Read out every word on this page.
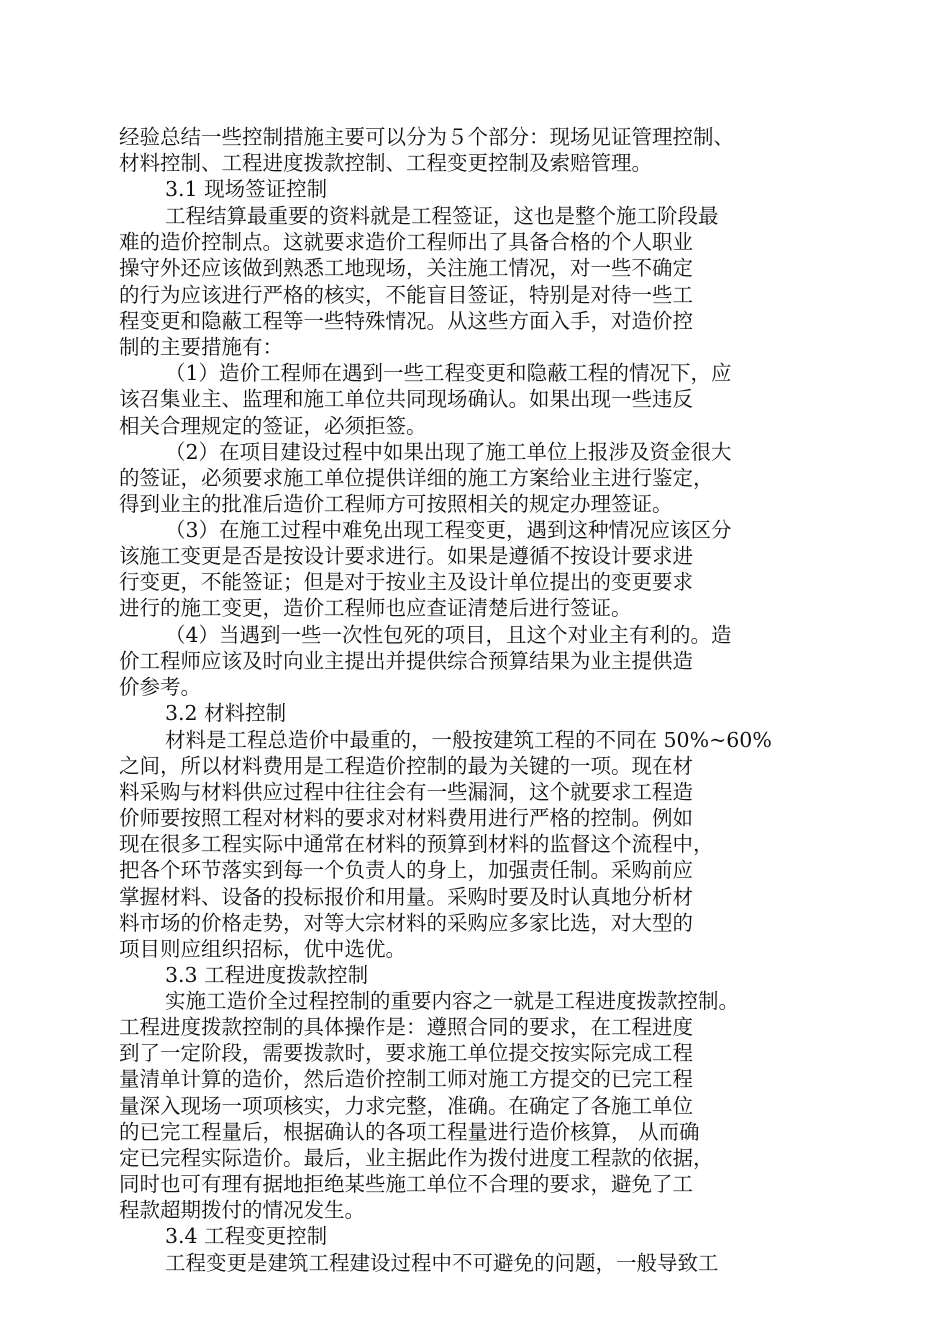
经验总结一些控制措施主要可以分为５个部分：现场见证管理控制、
材料控制、工程进度拨款控制、工程变更控制及索赔管理。
3.1 现场签证控制
工程结算最重要的资料就是工程签证，这也是整个施工阶段最
难的造价控制点。这就要求造价工程师出了具备合格的个人职业
操守外还应该做到熟悉工地现场，关注施工情况，对一些不确定
的行为应该进行严格的核实，不能盲目签证，特别是对待一些工
程变更和隐蔽工程等一些特殊情况。从这些方面入手，对造价控
制的主要措施有：
（1）造价工程师在遇到一些工程变更和隐蔽工程的情况下，应
该召集业主、监理和施工单位共同现场确认。如果出现一些违反
相关合理规定的签证，必须拒签。
（2）在项目建设过程中如果出现了施工单位上报涉及资金很大
的签证，必须要求施工单位提供详细的施工方案给业主进行鉴定，
得到业主的批准后造价工程师方可按照相关的规定办理签证。
（3）在施工过程中难免出现工程变更，遇到这种情况应该区分
该施工变更是否是按设计要求进行。如果是遵循不按设计要求进
行变更，不能签证；但是对于按业主及设计单位提出的变更要求
进行的施工变更，造价工程师也应查证清楚后进行签证。
（4）当遇到一些一次性包死的项目，且这个对业主有利的。造
价工程师应该及时向业主提出并提供综合预算结果为业主提供造
价参考。
3.2 材料控制
材料是工程总造价中最重的，一般按建筑工程的不同在 50%~60%
之间，所以材料费用是工程造价控制的最为关键的一项。现在材
料采购与材料供应过程中往往会有一些漏洞，这个就要求工程造
价师要按照工程对材料的要求对材料费用进行严格的控制。例如
现在很多工程实际中通常在材料的预算到材料的监督这个流程中，
把各个环节落实到每一个负责人的身上，加强责任制。采购前应
掌握材料、设备的投标报价和用量。采购时要及时认真地分析材
料市场的价格走势，对等大宗材料的采购应多家比选，对大型的
项目则应组织招标，优中选优。
3.3 工程进度拨款控制
实施工造价全过程控制的重要内容之一就是工程进度拨款控制。
工程进度拨款控制的具体操作是：遵照合同的要求，在工程进度
到了一定阶段，需要拨款时，要求施工单位提交按实际完成工程
量清单计算的造价，然后造价控制工师对施工方提交的已完工程
量深入现场一项项核实，力求完整，准确。在确定了各施工单位
的已完工程量后，根据确认的各项工程量进行造价核算， 从而确
定已完程实际造价。最后，业主据此作为拨付进度工程款的依据，
同时也可有理有据地拒绝某些施工单位不合理的要求，避免了工
程款超期拨付的情况发生。
3.4 工程变更控制
工程变更是建筑工程建设过程中不可避免的问题，一般导致工
